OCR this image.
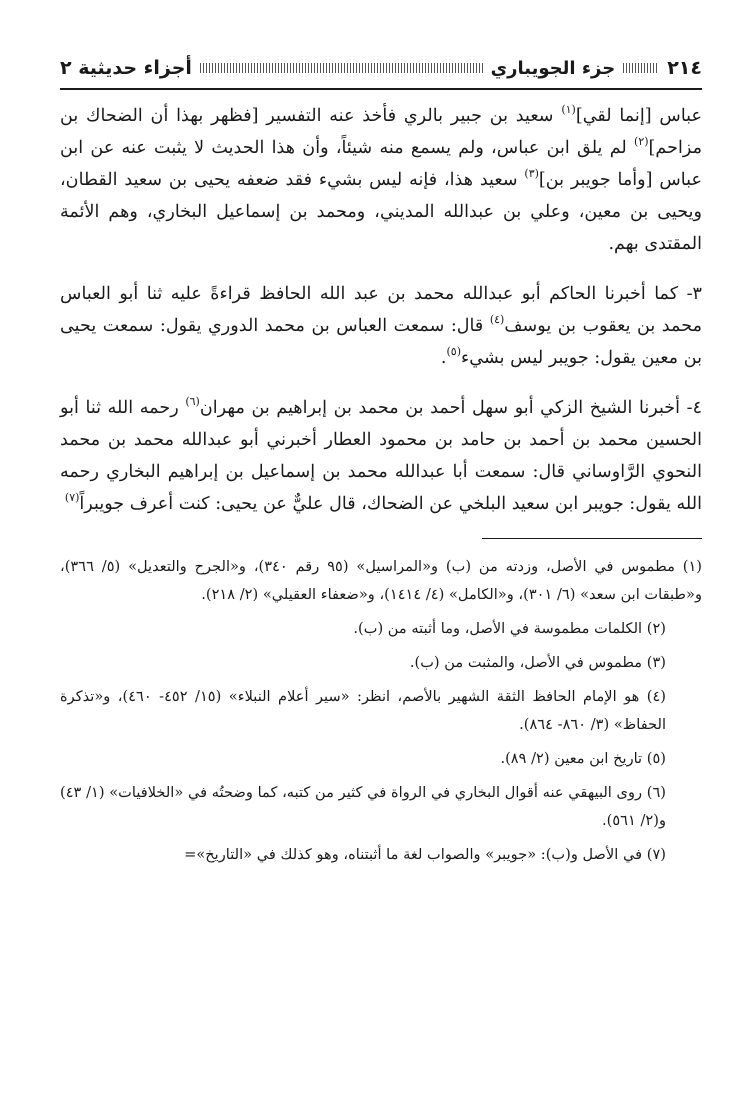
٢١٤
جزء الجويباري
أجزاء حديثية ٢

عباس [إنما لقي]$^{(١)}$ سعيد بن جبير بالري فأخذ عنه التفسير [فظهر بهذا أن الضحاك بن مزاحم]$^{(٢)}$ لم يلق ابن عباس، ولم يسمع منه شيئاً، وأن هذا الحديث لا يثبت عنه عن ابن عباس [وأما جويبر بن]$^{(٣)}$ سعيد هذا، فإنه ليس بشيء فقد ضعفه يحيى بن سعيد القطان، ويحيى بن معين، وعلي بن عبدالله المديني، ومحمد بن إسماعيل البخاري، وهم الأئمة المقتدى بهم.

٣- كما أخبرنا الحاكم أبو عبدالله محمد بن عبد الله الحافظ قراءةً عليه ثنا أبو العباس محمد بن يعقوب بن يوسف$^{(٤)}$ قال: سمعت العباس بن محمد الدوري يقول: سمعت يحيى بن معين يقول: جويبر ليس بشيء$^{(٥)}$.

٤- أخبرنا الشيخ الزكي أبو سهل أحمد بن محمد بن إبراهيم بن مهران$^{(٦)}$ رحمه الله ثنا أبو الحسين محمد بن أحمد بن حامد بن محمود العطار أخبرني أبو عبدالله محمد بن محمد النحوي الرَّاوساني قال: سمعت أبا عبدالله محمد بن إسماعيل بن إبراهيم البخاري رحمه الله يقول: جويبر ابن سعيد البلخي عن الضحاك، قال عليٌّ عن يحيى: كنت أعرف جويبراً$^{(٧)}$

(١) مطموس في الأصل، وزدته من (ب) و«المراسيل» (٩٥ رقم ٣٤٠)، و«الجرح والتعديل» (٥/ ٣٦٦)، و«طبقات ابن سعد» (٦/ ٣٠١)، و«الكامل» (٤/ ١٤١٤)، و«ضعفاء العقيلي» (٢/ ٢١٨).

(٢) الكلمات مطموسة في الأصل، وما أثبته من (ب).

(٣) مطموس في الأصل، والمثبت من (ب).

(٤) هو الإمام الحافظ الثقة الشهير بالأصم، انظر: «سير أعلام النبلاء» (١٥/ ٤٥٢- ٤٦٠)، و«تذكرة الحفاظ» (٣/ ٨٦٠- ٨٦٤).

(٥) تاريخ ابن معين (٢/ ٨٩).

(٦) روى البيهقي عنه أقوال البخاري في الرواة في كثير من كتبه، كما وضحتُه في «الخلافيات» (١/ ٤٣) و(٢/ ٥٦١).

(٧) في الأصل و(ب): «جويبر» والصواب لغة ما أثبتناه، وهو كذلك في «التاريخ»=
